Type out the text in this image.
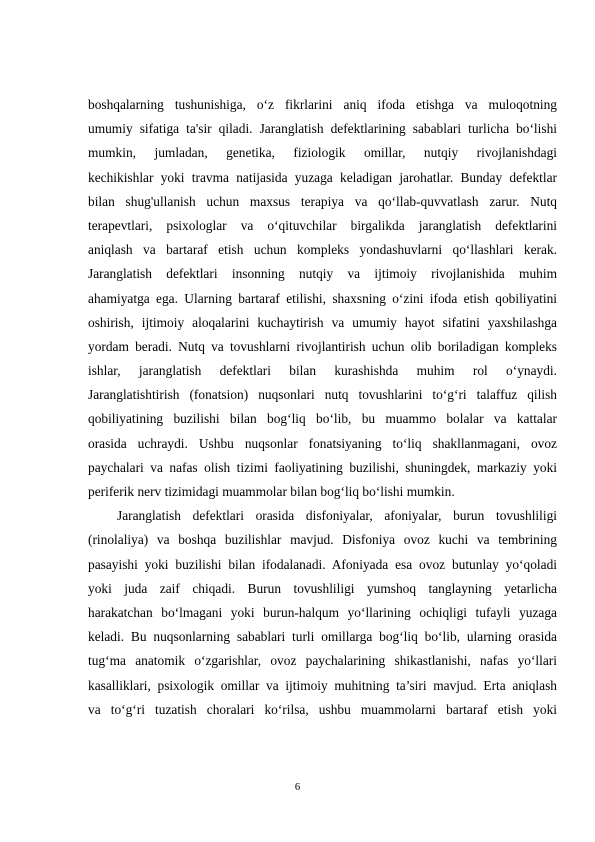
boshqalarning tushunishiga, o‘z fikrlarini aniq ifoda etishga va muloqotning
umumiy sifatiga ta'sir qiladi. Jaranglatish defektlarining sabablari turlicha bo‘lishi
mumkin, jumladan, genetika, fiziologik omillar, nutqiy rivojlanishdagi
kechikishlar yoki travma natijasida yuzaga keladigan jarohatlar. Bunday defektlar
bilan shug'ullanish uchun maxsus terapiya va qo‘llab-quvvatlash zarur. Nutq
terapevtlari, psixologlar va o‘qituvchilar birgalikda jaranglatish defektlarini
aniqlash va bartaraf etish uchun kompleks yondashuvlarni qo‘llashlari kerak.
Jaranglatish defektlari insonning nutqiy va ijtimoiy rivojlanishida muhim
ahamiyatga ega. Ularning bartaraf etilishi, shaxsning o‘zini ifoda etish qobiliyatini
oshirish, ijtimoiy aloqalarini kuchaytirish va umumiy hayot sifatini yaxshilashga
yordam beradi. Nutq va tovushlarni rivojlantirish uchun olib boriladigan kompleks
ishlar, jaranglatish defektlari bilan kurashishda muhim rol o‘ynaydi.
Jaranglatishtirish (fonatsion) nuqsonlari nutq tovushlarini to‘g‘ri talaffuz qilish
qobiliyatining buzilishi bilan bog‘liq bo‘lib, bu muammo bolalar va kattalar
orasida uchraydi. Ushbu nuqsonlar fonatsiyaning to‘liq shakllanmagani, ovoz
paychalari va nafas olish tizimi faoliyatining buzilishi, shuningdek, markaziy yoki
periferik nerv tizimidagi muammolar bilan bog‘liq bo‘lishi mumkin.
Jaranglatish defektlari orasida disfoniyalar, afoniyalar, burun tovushliligi
(rinolaliya) va boshqa buzilishlar mavjud. Disfoniya ovoz kuchi va tembrining
pasayishi yoki buzilishi bilan ifodalanadi. Afoniyada esa ovoz butunlay yo‘qoladi
yoki juda zaif chiqadi. Burun tovushliligi yumshoq tanglayning yetarlicha
harakatchan bo‘lmagani yoki burun-halqum yo‘llarining ochiqligi tufayli yuzaga
keladi. Bu nuqsonlarning sabablari turli omillarga bog‘liq bo‘lib, ularning orasida
tug‘ma anatomik o‘zgarishlar, ovoz paychalarining shikastlanishi, nafas yo‘llari
kasalliklari, psixologik omillar va ijtimoiy muhitning ta’siri mavjud. Erta aniqlash
va to‘g‘ri tuzatish choralari ko‘rilsa, ushbu muammolarni bartaraf etish yoki
6
